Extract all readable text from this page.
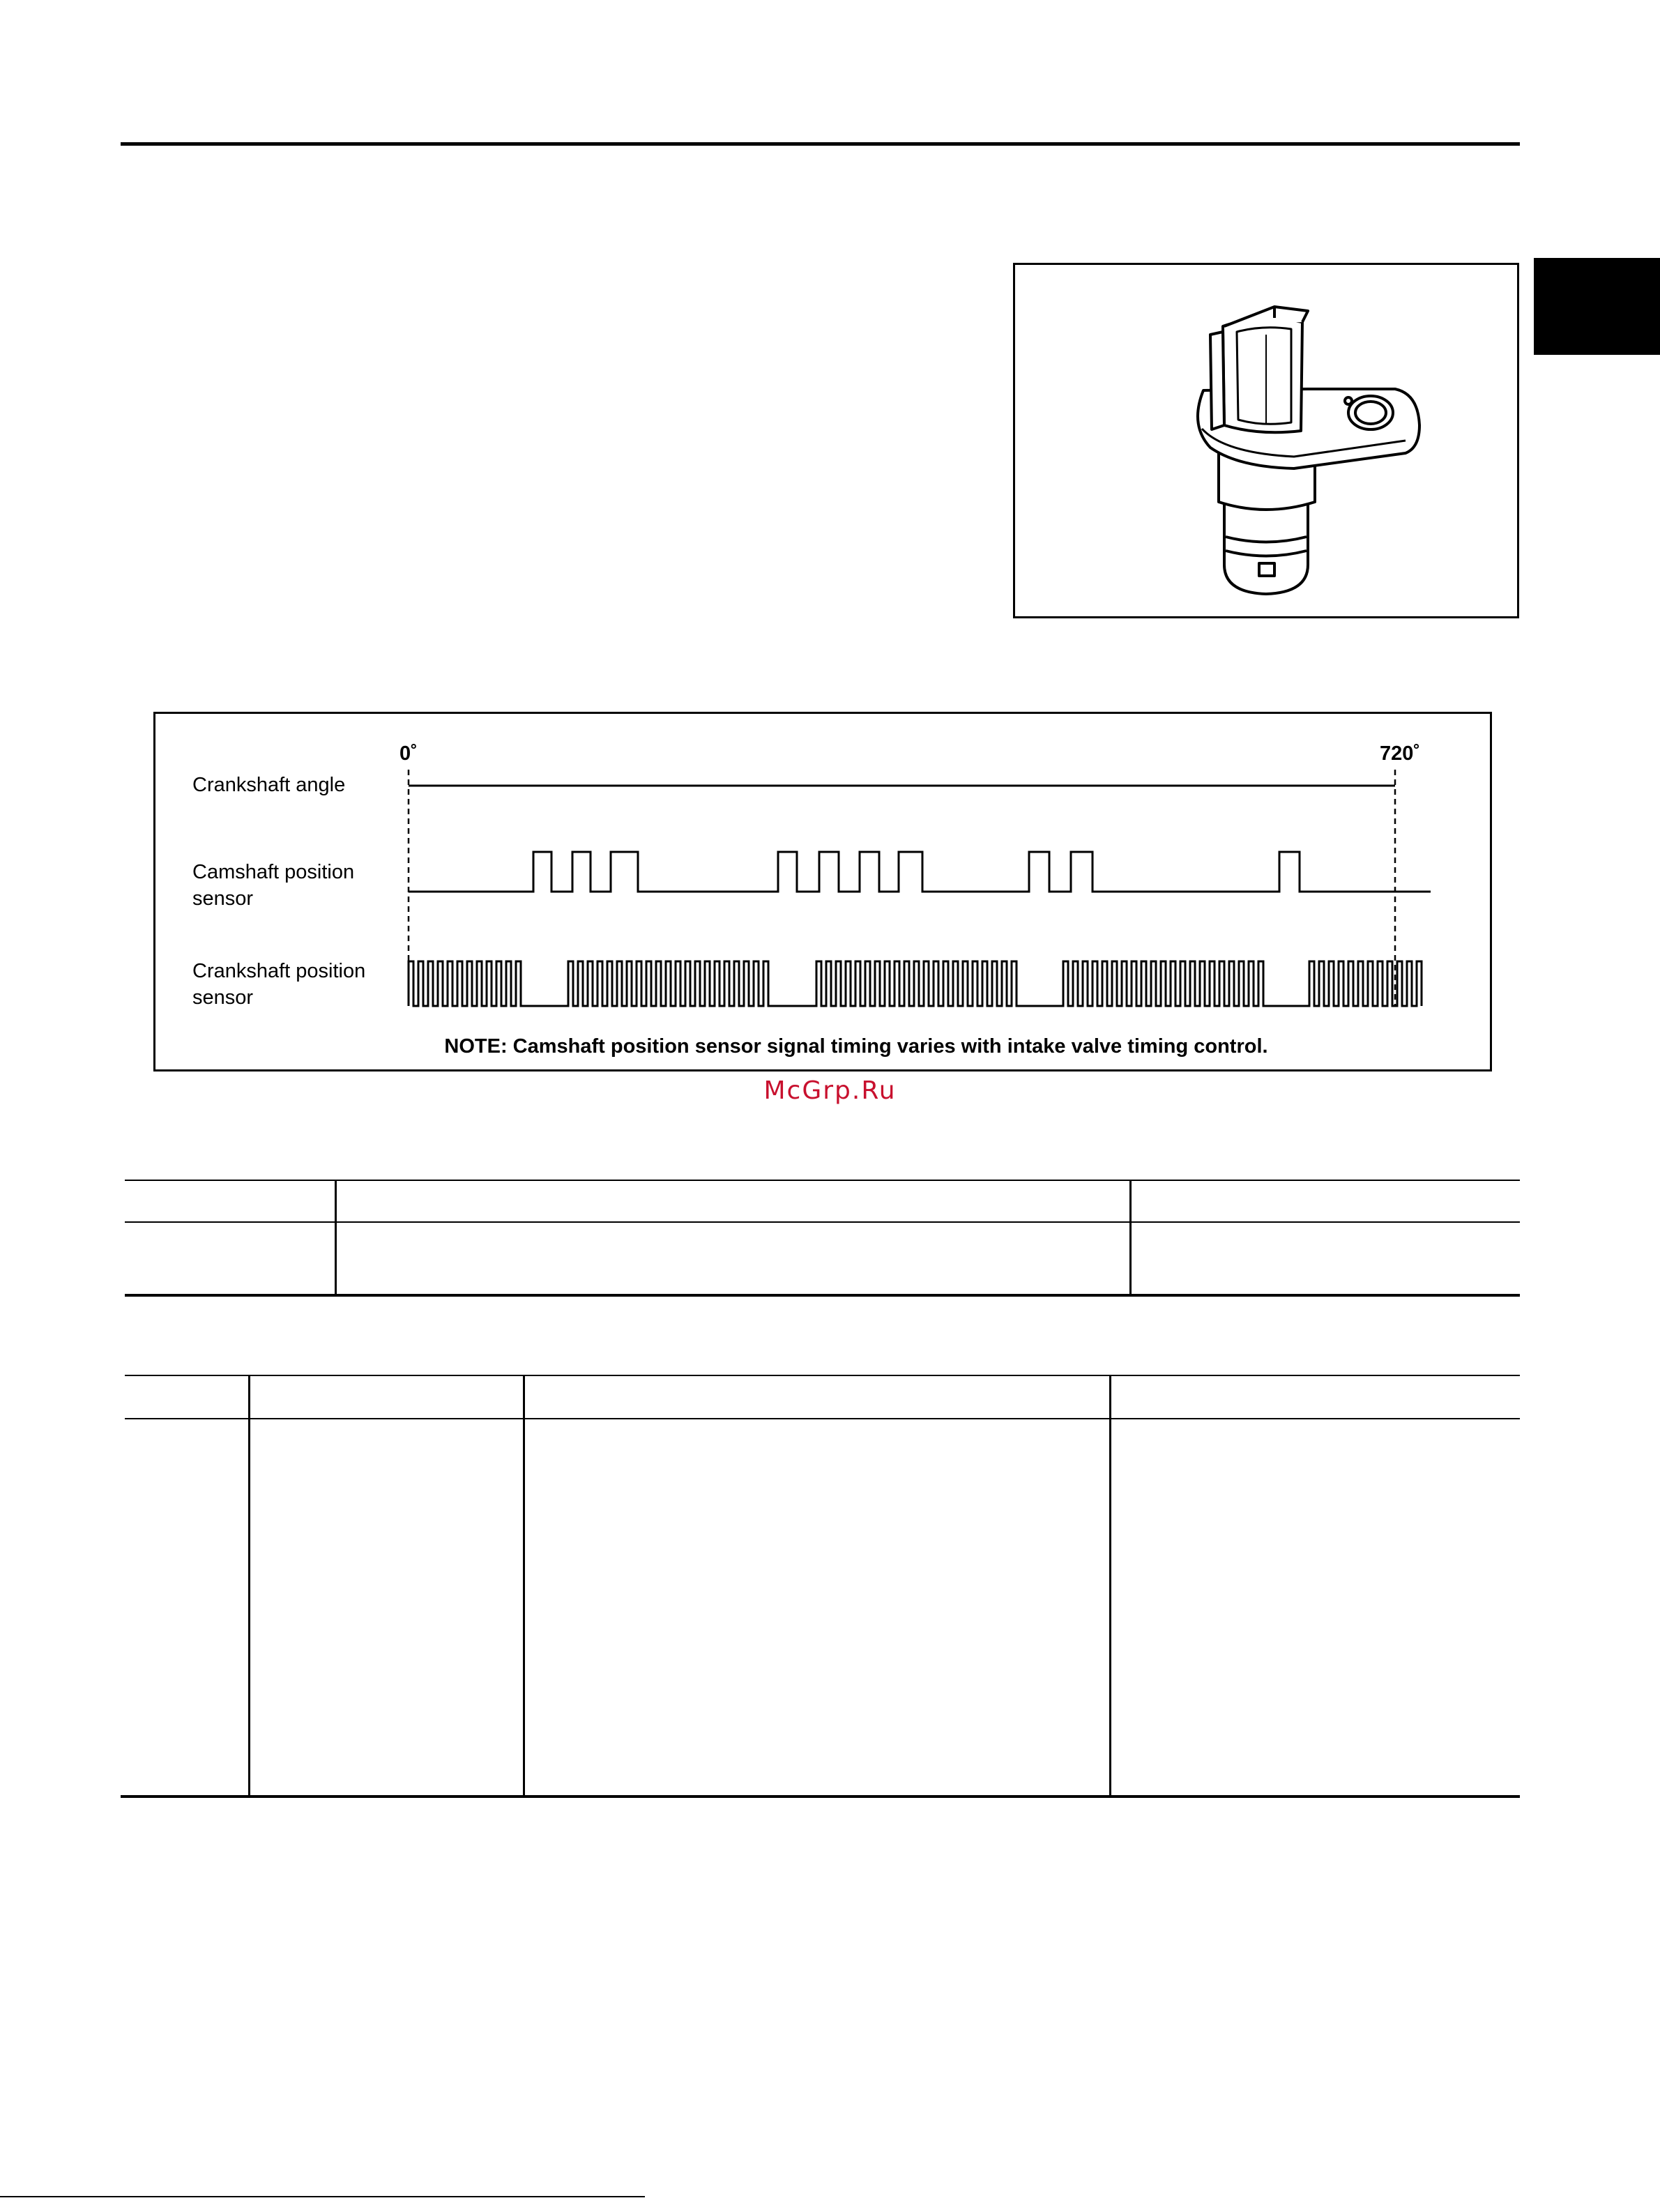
Crankshaft angle
Camshaft position
sensor
Crankshaft position
sensor
0˚	720˚
NOTE: Camshaft position sensor signal timing varies with intake valve timing control.
McGrp.Ru
